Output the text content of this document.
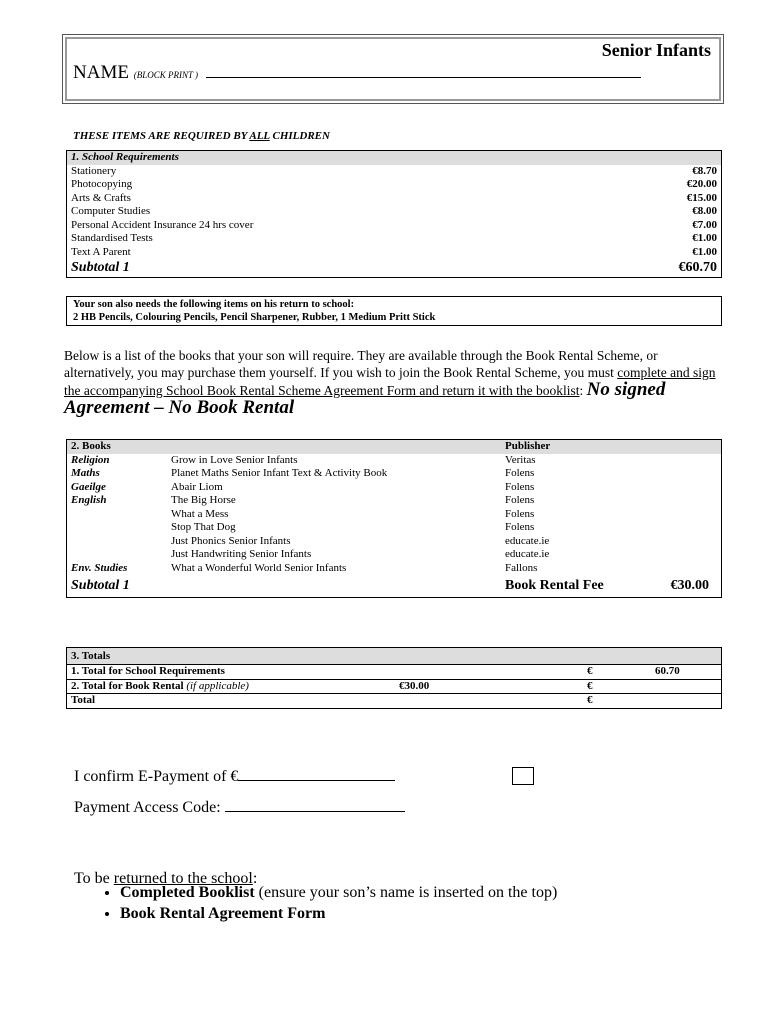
Senior Infants
NAME (BLOCK PRINT )
THESE ITEMS ARE REQUIRED BY ALL CHILDREN
1. School Requirements	
Stationery	€8.70
Photocopying	€20.00
Arts & Crafts	€15.00
Computer Studies	€8.00
Personal Accident Insurance 24 hrs cover	€7.00
Standardised Tests	€1.00
Text A Parent	€1.00
Subtotal 1	€60.70
Your son also needs the following items on his return to school:
2 HB Pencils, Colouring Pencils, Pencil Sharpener, Rubber, 1 Medium Pritt Stick
Below is a list of the books that your son will require. They are available through the Book Rental Scheme, or alternatively, you may purchase them yourself. If you wish to join the Book Rental Scheme, you must complete and sign the accompanying School Book Rental Scheme Agreement Form and return it with the booklist: No signed Agreement – No Book Rental
2. Books		Publisher
Religion	Grow in Love Senior Infants	Veritas
Maths	Planet Maths Senior Infant Text & Activity Book	Folens
Gaeilge	Abair Liom	Folens
English	The Big Horse	Folens
	What a Mess	Folens
	Stop That Dog	Folens
	Just Phonics Senior Infants	educate.ie
	Just Handwriting Senior Infants	educate.ie
Env. Studies	What a Wonderful World Senior Infants	Fallons
Subtotal 1		Book Rental Fee €30.00
3. Totals			
1. Total for School Requirements		€	60.70
2. Total for Book Rental (if applicable)	€30.00	€	
Total		€	
I confirm E-Payment of €
Payment Access Code:
To be returned to the school:
• Completed Booklist (ensure your son’s name is inserted on the top)
• Book Rental Agreement Form
